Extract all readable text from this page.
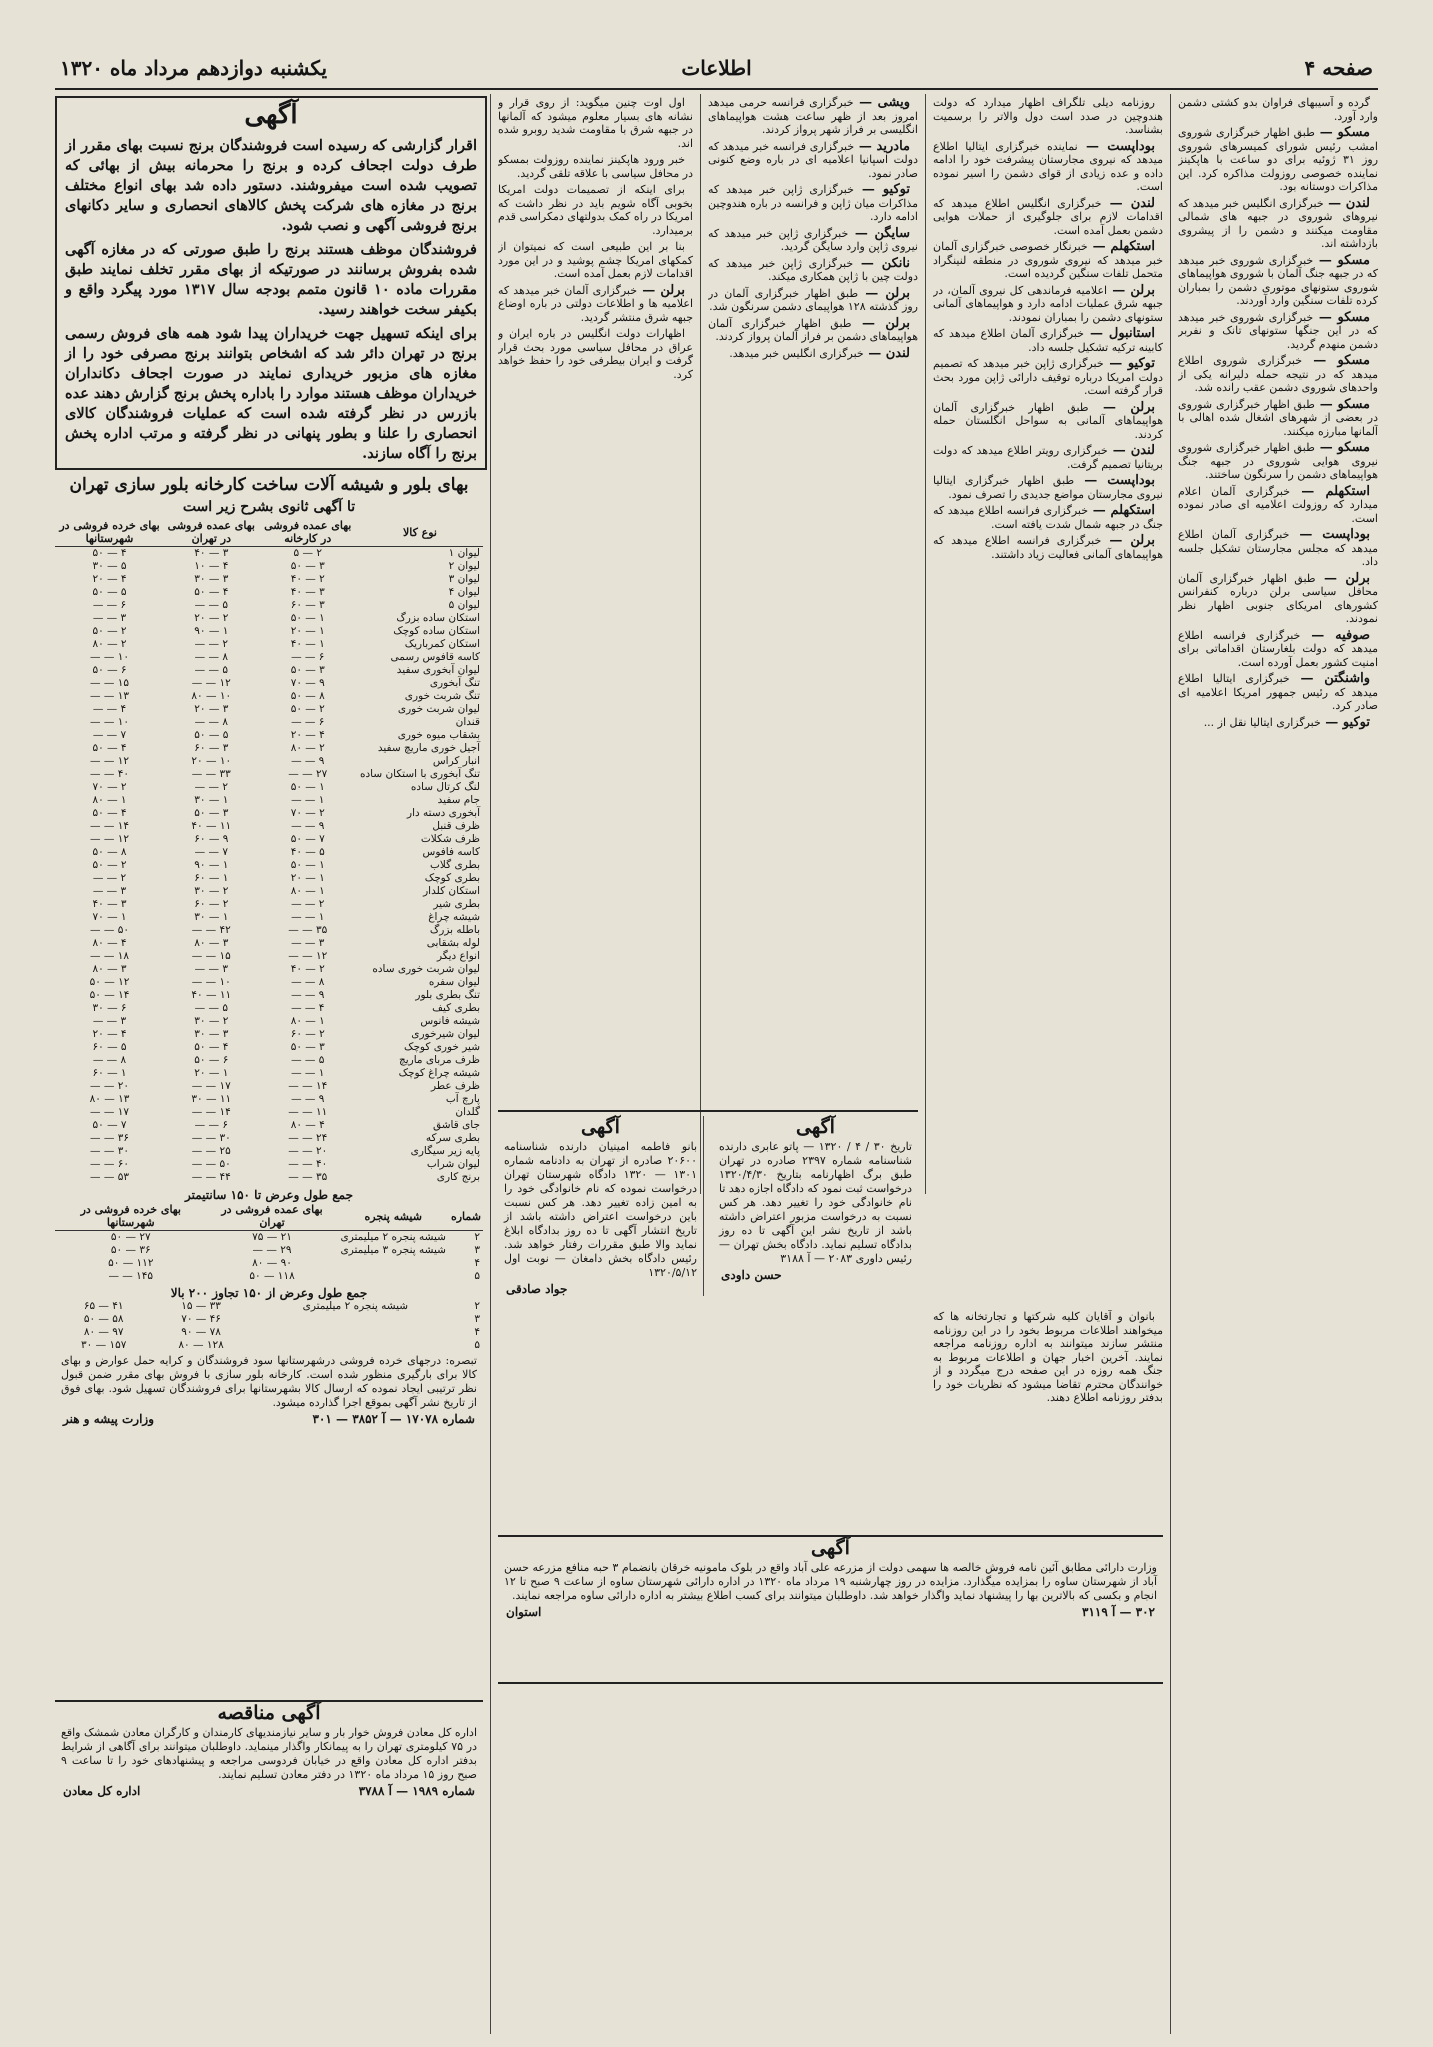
صفحه ۴
اطلاعات
یکشنبه دوازدهم مرداد ماه ۱۳۲۰

گرده و آسیبهای فراوان بدو کشتی دشمن وارد آورد.

مسکو — طبق اظهار خبرگزاری شوروی امشب رئیس شورای کمیسرهای شوروی روز ۳۱ ژوئیه برای دو ساعت با هاپکینز نماینده خصوصی روزولت مذاکره کرد. این مذاکرات دوستانه بود.

لندن — خبرگزاری انگلیس خبر میدهد که نیروهای شوروی در جبهه های شمالی مقاومت میکنند و دشمن را از پیشروی بازداشته اند.

مسکو — خبرگزاری شوروی خبر میدهد که در جبهه جنگ آلمان با شوروی هواپیماهای شوروی ستونهای موتوری دشمن را بمباران کرده تلفات سنگین وارد آوردند.

مسکو — خبرگزاری شوروی خبر میدهد که در این جنگها ستونهای تانک و نفربر دشمن منهدم گردید.

مسکو — خبرگزاری شوروی اطلاع میدهد که در نتیجه حمله دلیرانه یکی از واحدهای شوروی دشمن عقب رانده شد.

مسکو — طبق اظهار خبرگزاری شوروی در بعضی از شهرهای اشغال شده اهالی با آلمانها مبارزه میکنند.

مسکو — طبق اظهار خبرگزاری شوروی نیروی هوایی شوروی در جبهه جنگ هواپیماهای دشمن را سرنگون ساختند.

استکهلم — خبرگزاری آلمان اعلام میدارد که روزولت اعلامیه ای صادر نموده است.

بوداپست — خبرگزاری آلمان اطلاع میدهد که مجلس مجارستان تشکیل جلسه داد.

برلن — طبق اظهار خبرگزاری آلمان محافل سیاسی برلن درباره کنفرانس کشورهای امریکای جنوبی اظهار نظر نمودند.

صوفیه — خبرگزاری فرانسه اطلاع میدهد که دولت بلغارستان اقداماتی برای امنیت کشور بعمل آورده است.

واشنگتن — خبرگزاری ایتالیا اطلاع میدهد که رئیس جمهور امریکا اعلامیه ای صادر کرد.

توکیو — خبرگزاری ایتالیا نقل از ...

روزنامه دیلی تلگراف اظهار میدارد که دولت هندوچین در صدد است دول والاتر را برسمیت بشناسد.

بوداپست — نماینده خبرگزاری ایتالیا اطلاع میدهد که نیروی مجارستان پیشرفت خود را ادامه داده و عده زیادی از قوای دشمن را اسیر نموده است.

لندن — خبرگزاری انگلیس اطلاع میدهد که اقدامات لازم برای جلوگیری از حملات هوایی دشمن بعمل آمده است.

استکهلم — خبرنگار خصوصی خبرگزاری آلمان خبر میدهد که نیروی شوروی در منطقه لنینگراد متحمل تلفات سنگین گردیده است.

برلن — اعلامیه فرماندهی کل نیروی آلمان، در جبهه شرق عملیات ادامه دارد و هواپیماهای آلمانی ستونهای دشمن را بمباران نمودند.

استانبول — خبرگزاری آلمان اطلاع میدهد که کابینه ترکیه تشکیل جلسه داد.

توکیو — خبرگزاری ژاپن خبر میدهد که تصمیم دولت امریکا درباره توقیف دارائی ژاپن مورد بحث قرار گرفته است.

برلن — طبق اظهار خبرگزاری آلمان هواپیماهای آلمانی به سواحل انگلستان حمله کردند.

لندن — خبرگزاری رویتر اطلاع میدهد که دولت بریتانیا تصمیم گرفت.

بوداپست — طبق اظهار خبرگزاری ایتالیا نیروی مجارستان مواضع جدیدی را تصرف نمود.

استکهلم — خبرگزاری فرانسه اطلاع میدهد که جنگ در جبهه شمال شدت یافته است.

برلن — خبرگزاری فرانسه اطلاع میدهد که هواپیماهای آلمانی فعالیت زیاد داشتند.

ویشی — خبرگزاری فرانسه حرمی میدهد امروز بعد از ظهر ساعت هشت هواپیماهای انگلیسی بر فراز شهر پرواز کردند.

مادرید — خبرگزاری فرانسه خبر میدهد که دولت اسپانیا اعلامیه ای در باره وضع کنونی صادر نمود.

توکیو — خبرگزاری ژاپن خبر میدهد که مذاکرات میان ژاپن و فرانسه در باره هندوچین ادامه دارد.

سایگن — خبرگزاری ژاپن خبر میدهد که نیروی ژاپن وارد سایگن گردید.

نانکن — خبرگزاری ژاپن خبر میدهد که دولت چین با ژاپن همکاری میکند.

برلن — طبق اظهار خبرگزاری آلمان در روز گذشته ۱۲۸ هواپیمای دشمن سرنگون شد.

برلن — طبق اظهار خبرگزاری آلمان هواپیماهای دشمن بر فراز آلمان پرواز کردند.

لندن — خبرگزاری انگلیس خبر میدهد.

اول اوت چنین میگوید: از روی قرار و نشانه های بسیار معلوم میشود که آلمانها در جبهه شرق با مقاومت شدید روبرو شده اند.

خبر ورود هاپکینز نماینده روزولت بمسکو در محافل سیاسی با علاقه تلقی گردید.

برای اینکه از تصمیمات دولت امریکا بخوبی آگاه شویم باید در نظر داشت که امریکا در راه کمک بدولتهای دمکراسی قدم برمیدارد.

بنا بر این طبیعی است که نمیتوان از کمکهای امریکا چشم پوشید و در این مورد اقدامات لازم بعمل آمده است.

برلن — خبرگزاری آلمان خبر میدهد که اعلامیه ها و اطلاعات دولتی در باره اوضاع جبهه شرق منتشر گردید.

اظهارات دولت انگلیس در باره ایران و عراق در محافل سیاسی مورد بحث قرار گرفت و ایران بیطرفی خود را حفظ خواهد کرد.

آگهی

اقرار گزارشی که رسیده است فروشندگان برنج نسبت بهای مقرر از طرف دولت اجحاف کرده و برنج را محرمانه بیش از بهائی که تصویب شده است میفروشند. دستور داده شد بهای انواع مختلف برنج در مغازه های شرکت پخش کالاهای انحصاری و سایر دکانهای برنج فروشی آگهی و نصب شود.

فروشندگان موظف هستند برنج را طبق صورتی که در مغازه آگهی شده بفروش برسانند در صورتیکه از بهای مقرر تخلف نمایند طبق مقررات ماده ۱۰ قانون متمم بودجه سال ۱۳۱۷ مورد پیگرد واقع و بکیفر سخت خواهند رسید.

برای اینکه تسهیل جهت خریداران پیدا شود همه های فروش رسمی برنج در تهران دائر شد که اشخاص بتوانند برنج مصرفی خود را از مغازه های مزبور خریداری نمایند در صورت اجحاف دکانداران خریداران موظف هستند موارد را باداره پخش برنج گزارش دهند عده بازرس در نظر گرفته شده است که عملیات فروشندگان کالای انحصاری را علنا و بطور پنهانی در نظر گرفته و مرتب اداره پخش برنج را آگاه سازند.

بهای بلور و شیشه آلات ساخت کارخانه بلور سازی تهران
تا آگهی ثانوی بشرح زیر است
نوع کالا	بهای عمده فروشی در کارخانه	بهای عمده فروشی در تهران	بهای خرده فروشی در شهرستانها
لیوان ۱	۲ — ۵	۳ — ۴۰	۴ — ۵۰
لیوان ۲	۳ — ۵۰	۴ — ۱۰	۵ — ۳۰
لیوان ۳	۲ — ۴۰	۳ — ۳۰	۴ — ۲۰
لیوان ۴	۳ — ۴۰	۴ — ۵۰	۵ — ۵۰
لیوان ۵	۳ — ۶۰	۵ — —	۶ — —
استکان ساده بزرگ	۱ — ۵۰	۲ — ۲۰	۳ — —
استکان ساده کوچک	۱ — ۲۰	۱ — ۹۰	۲ — ۵۰
استکان کمرباریک	۱ — ۴۰	۲ — —	۲ — ۸۰
کاسه قافوس رسمی	۶ — —	۸ — —	۱۰ — —
لیوان آبخوری سفید	۳ — ۵۰	۵ — —	۶ — ۵۰
تنگ آبخوری	۹ — ۷۰	۱۲ — —	۱۵ — —
تنگ شربت خوری	۸ — ۵۰	۱۰ — ۸۰	۱۳ — —
لیوان شربت خوری	۲ — ۵۰	۳ — ۲۰	۴ — —
قندان	۶ — —	۸ — —	۱۰ — —
بشقاب میوه خوری	۴ — ۲۰	۵ — ۵۰	۷ — —
آجیل خوری ماریچ سفید	۲ — ۸۰	۳ — ۶۰	۴ — ۵۰
انبار کراس	۹ — —	۱۰ — ۲۰	۱۲ — —
تنگ آبخوری با استکان ساده	۲۷ — —	۳۳ — —	۴۰ — —
لنگ کرتال ساده	۱ — ۵۰	۲ — —	۲ — ۷۰
جام سفید	۱ — —	۱ — ۳۰	۱ — ۸۰
آبخوری دسته دار	۲ — ۷۰	۳ — ۵۰	۴ — ۵۰
ظرف قنبل	۹ — —	۱۱ — ۴۰	۱۴ — —
ظرف شکلات	۷ — ۵۰	۹ — ۶۰	۱۲ — —
کاسه فافوس	۵ — ۴۰	۷ — —	۸ — ۵۰
بطری گلاب	۱ — ۵۰	۱ — ۹۰	۲ — ۵۰
بطری کوچک	۱ — ۲۰	۱ — ۶۰	۲ — —
استکان کلدار	۱ — ۸۰	۲ — ۳۰	۳ — —
بطری شیر	۲ — —	۲ — ۶۰	۳ — ۴۰
شیشه چراغ	۱ — —	۱ — ۳۰	۱ — ۷۰
باطله بزرگ	۳۵ — —	۴۲ — —	۵۰ — —
لوله بشقابی	۳ — —	۳ — ۸۰	۴ — ۸۰
انواع دیگر	۱۲ — —	۱۵ — —	۱۸ — —
لیوان شربت خوری ساده	۲ — ۴۰	۳ — —	۳ — ۸۰
لیوان سفره	۸ — —	۱۰ — —	۱۲ — ۵۰
تنگ بطری بلور	۹ — —	۱۱ — ۴۰	۱۴ — ۵۰
بطری کیف	۴ — —	۵ — —	۶ — ۳۰
شیشه فانوس	۱ — ۸۰	۲ — ۳۰	۳ — —
لیوان شیرخوری	۲ — ۶۰	۳ — ۳۰	۴ — ۲۰
شیر خوری کوچک	۳ — ۵۰	۴ — ۵۰	۵ — ۶۰
ظرف مربای ماریچ	۵ — —	۶ — ۵۰	۸ — —
شیشه چراغ کوچک	۱ — —	۱ — ۲۰	۱ — ۶۰
ظرف عطر	۱۴ — —	۱۷ — —	۲۰ — —
پارچ آب	۹ — —	۱۱ — ۳۰	۱۳ — ۸۰
گلدان	۱۱ — —	۱۴ — —	۱۷ — —
جای قاشق	۴ — ۸۰	۶ — —	۷ — ۵۰
بطری سرکه	۲۴ — —	۳۰ — —	۳۶ — —
پایه زیر سیگاری	۲۰ — —	۲۵ — —	۳۰ — —
لیوان شراب	۴۰ — —	۵۰ — —	۶۰ — —
برنج کاری	۳۵ — —	۴۴ — —	۵۳ — —
جمع طول وعرض تا ۱۵۰ سانتیمتر
شماره	شیشه پنجره	بهای عمده فروشی در تهران	بهای خرده فروشی در شهرستانها
۲	شیشه پنجره ۲ میلیمتری	۲۱ — ۷۵	۲۷ — ۵۰
۳	شیشه پنجره ۳ میلیمتری	۲۹ — —	۳۶ — ۵۰
۴		۹۰ — ۸۰	۱۱۲ — ۵۰
۵		۱۱۸ — ۵۰	۱۴۵ — —
جمع طول وعرض از ۱۵۰ تجاوز ۲۰۰ بالا
۲	شیشه پنجره ۲ میلیمتری	۳۳ — ۱۵	۴۱ — ۶۵
۳		۴۶ — ۷۰	۵۸ — ۵۰
۴		۷۸ — ۹۰	۹۷ — ۸۰
۵		۱۲۸ — ۸۰	۱۵۷ — ۳۰
تبصره: درجهای خرده فروشی درشهرستانها سود فروشندگان و کرایه حمل عوارض و بهای کالا برای بارگیری منظور شده است. کارخانه بلور سازی با فروش بهای مقرر ضمن قبول نظر ترتیبی ایجاد نموده که ارسال کالا بشهرستانها برای فروشندگان تسهیل شود. بهای فوق از تاریخ نشر آگهی بموقع اجرا گذارده میشود.
شماره ۱۷۰۷۸ — آ ۳۸۵۲ — ۳۰۱
وزارت پیشه و هنر
آگهی
تاریخ ۳۰ / ۴ / ۱۳۲۰ — پاتو عابری دارنده شناسنامه شماره ۲۳۹۷ صادره در تهران طبق برگ اظهارنامه بتاریخ ۱۳۲۰/۴/۳۰ درخواست ثبت نمود که دادگاه اجازه دهد تا نام خانوادگی خود را تغییر دهد. هر کس نسبت به درخواست مزبور اعتراض داشته باشد از تاریخ نشر این آگهی تا ده روز بدادگاه تسلیم نماید. دادگاه بخش تهران — رئیس داوری ۲۰۸۳ — آ ۳۱۸۸
حسن داودی
آگهی
بانو فاطمه امینیان دارنده شناسنامه ۲۰۶۰۰ صادره از تهران به دادنامه شماره ۱۳۰۱ — ۱۳۲۰ دادگاه شهرستان تهران درخواست نموده که نام خانوادگی خود را به امین زاده تغییر دهد. هر کس نسبت باین درخواست اعتراض داشته باشد از تاریخ انتشار آگهی تا ده روز بدادگاه ابلاغ نماید والا طبق مقررات رفتار خواهد شد. رئیس دادگاه بخش دامغان — نوبت اول ۱۳۲۰/۵/۱۲
جواد صادقی

بانوان و آقایان کلیه شرکتها و تجارتخانه ها که میخواهند اطلاعات مربوط بخود را در این روزنامه منتشر سازند میتوانند به اداره روزنامه مراجعه نمایند. آخرین اخبار جهان و اطلاعات مربوط به جنگ همه روزه در این صفحه درج میگردد و از خوانندگان محترم تقاضا میشود که نظریات خود را بدفتر روزنامه اطلاع دهند.

آگهی
وزارت دارائی مطابق آئین نامه فروش خالصه ها سهمی دولت از مزرعه علی آباد واقع در بلوک مامونیه خرقان بانضمام ۳ حبه منافع مزرعه حسن آباد از شهرستان ساوه را بمزایده میگذارد. مزایده در روز چهارشنبه ۱۹ مرداد ماه ۱۳۲۰ در اداره دارائی شهرستان ساوه از ساعت ۹ صبح تا ۱۲ انجام و بکسی که بالاترین بها را پیشنهاد نماید واگذار خواهد شد. داوطلبان میتوانند برای کسب اطلاع بیشتر به اداره دارائی ساوه مراجعه نمایند.
۳۰۲ — آ ۳۱۱۹
استوان
آگهی مناقصه
اداره کل معادن فروش خوار بار و سایر نیازمندیهای کارمندان و کارگران معادن شمشک واقع در ۷۵ کیلومتری تهران را به پیمانکار واگذار مینماید. داوطلبان میتوانند برای آگاهی از شرایط بدفتر اداره کل معادن واقع در خیابان فردوسی مراجعه و پیشنهادهای خود را تا ساعت ۹ صبح روز ۱۵ مرداد ماه ۱۳۲۰ در دفتر معادن تسلیم نمایند.
شماره ۱۹۸۹ — آ ۳۷۸۸
اداره کل معادن
